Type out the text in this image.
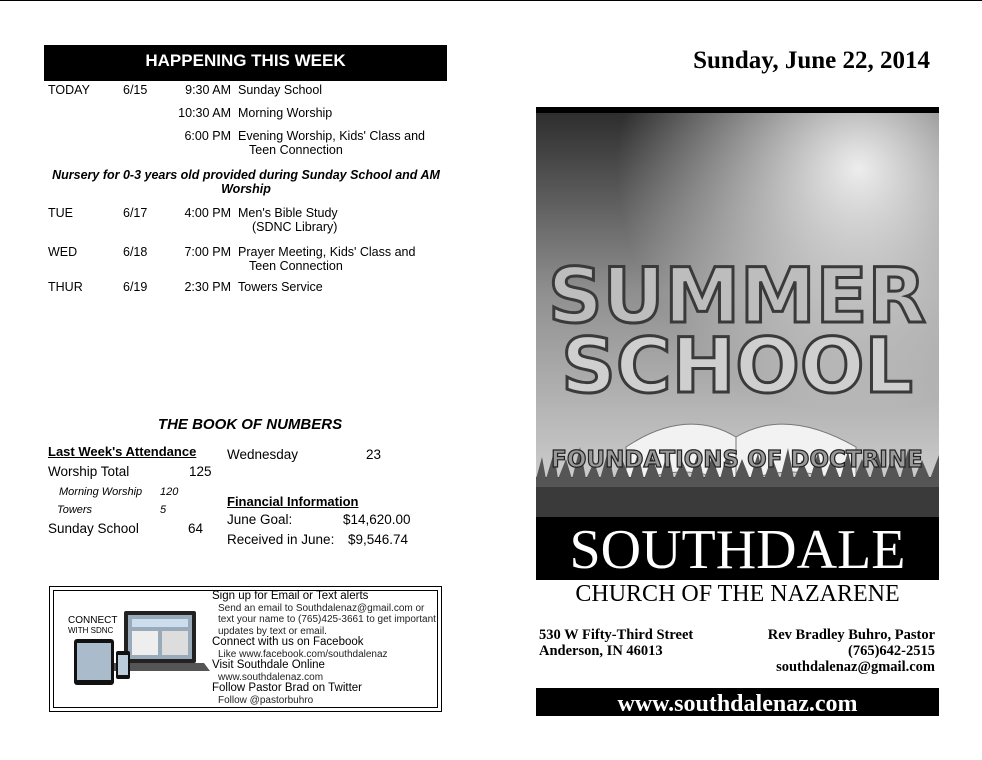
HAPPENING THIS WEEK
TODAY	6/15	9:30 AM Sunday School
10:30 AM Morning Worship
6:00 PM Evening Worship, Kids' Class and
Teen Connection
Nursery for 0-3 years old provided during Sunday School and AM Worship
TUE	6/17	4:00 PM Men's Bible Study
(SDNC Library)
WED	6/18	7:00 PM Prayer Meeting, Kids' Class and
Teen Connection
THUR	6/19	2:30 PM Towers Service
THE BOOK OF NUMBERS
Last Week's Attendance
Worship Total	125
Morning Worship 120
Towers	5
Sunday School	64
Wednesday	23
Financial Information
June Goal:	$14,620.00
Received in June: $9,546.74
CONNECT
WITH SDNC
Sign up for Email or Text alerts
Send an email to Southdalenaz@gmail.com or text your name to (765)425-3661 to get important updates by text or email.
Connect with us on Facebook
Like www.facebook.com/southdalenaz
Visit Southdale Online
www.southdalenaz.com
Follow Pastor Brad on Twitter
Follow @pastorbuhro
Sunday, June 22, 2014
SUMMER
SCHOOL
FOUNDATIONS OF DOCTRINE
SOUTHDALE
CHURCH OF THE NAZARENE
530 W Fifty-Third Street
Anderson, IN 46013
Rev Bradley Buhro, Pastor
(765)642-2515
southdalenaz@gmail.com
www.southdalenaz.com
